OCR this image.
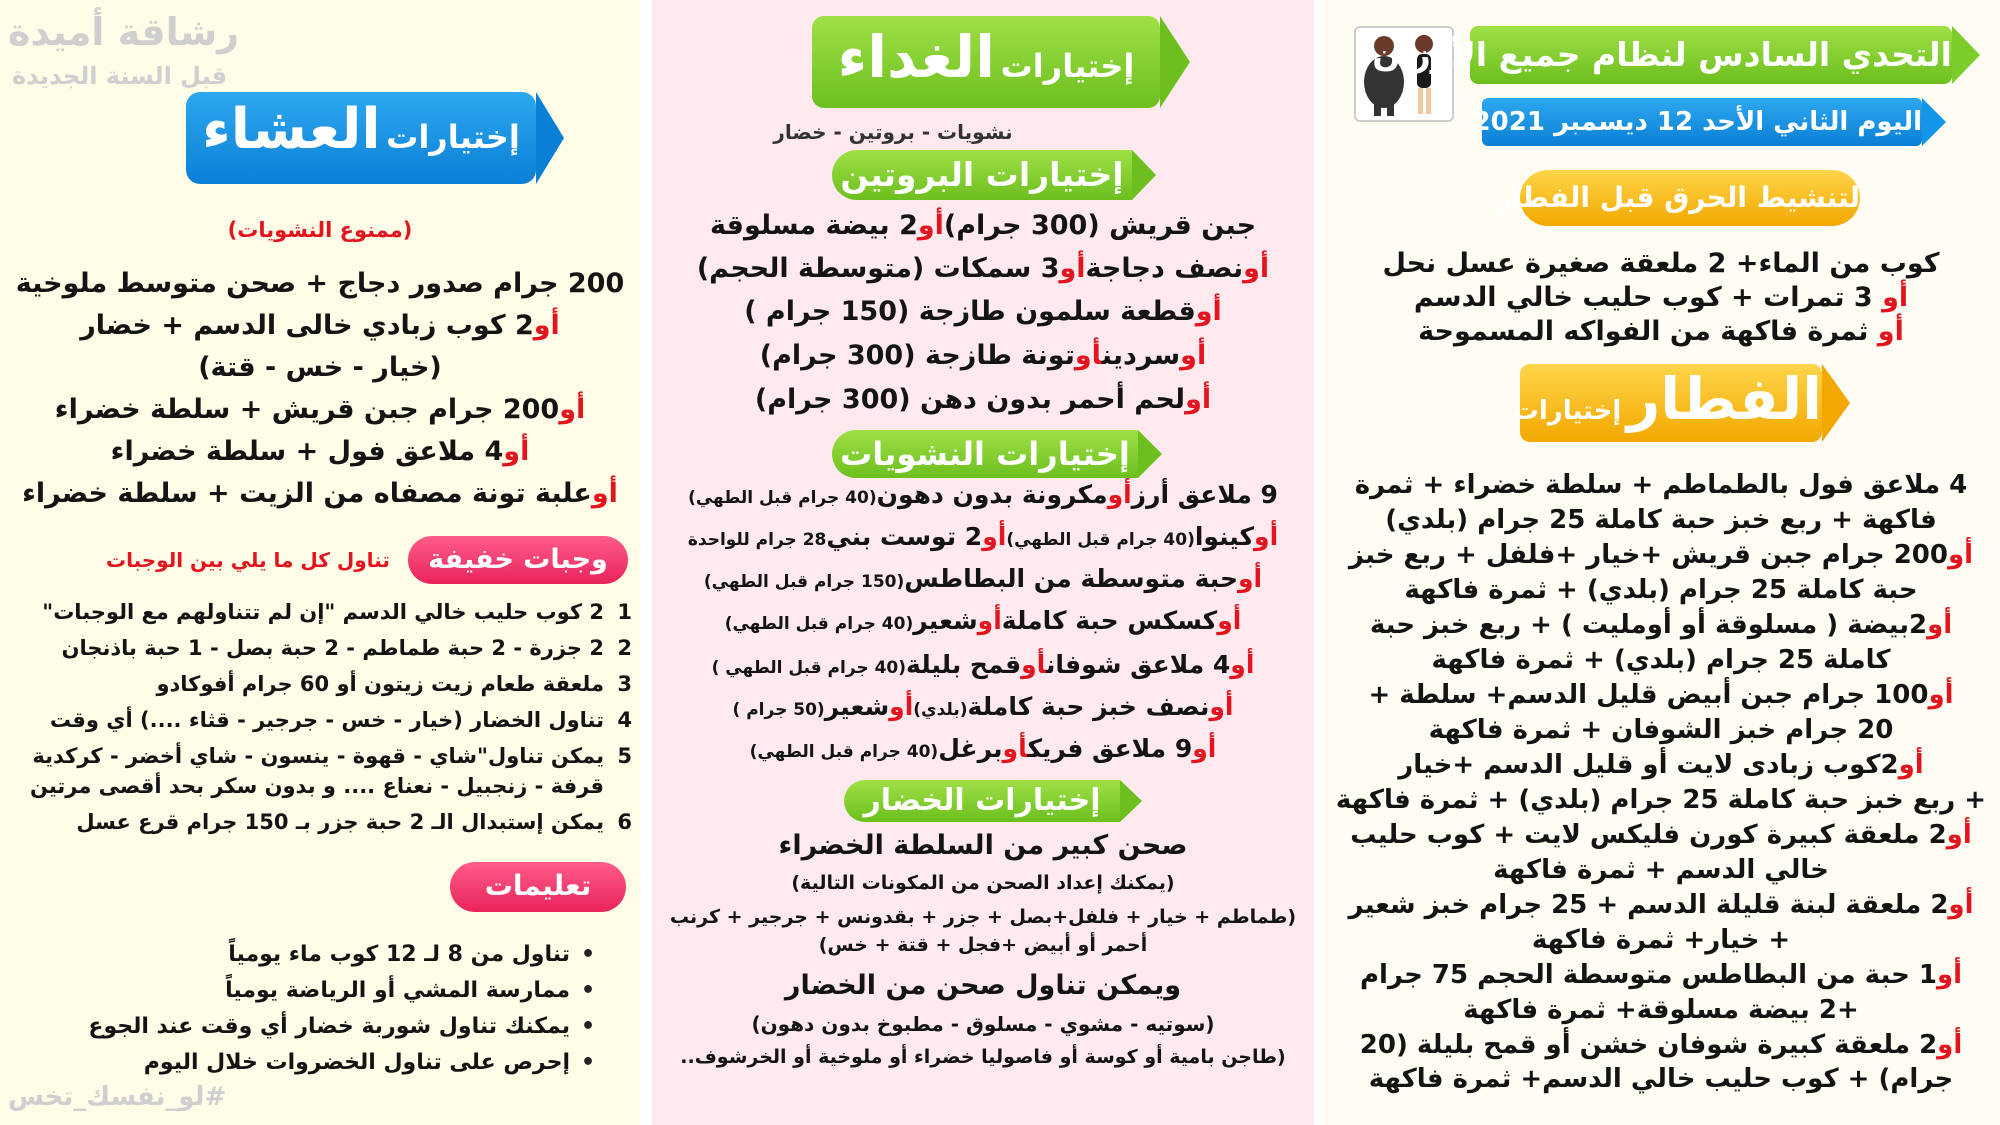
التحدي السادس لنظام جميع الأوزان
اليوم الثاني الأحد 12 ديسمبر 2021
لتنشيط الحرق قبل الفطار
كوب من الماء+ 2 ملعقة صغيرة عسل نحل
أو 3 تمرات + كوب حليب خالي الدسم
أو ثمرة فاكهة من الفواكه المسموحة
الفطار إختيارات
4 ملاعق فول بالطماطم + سلطة خضراء + ثمرة
فاكهة + ربع خبز حبة كاملة 25 جرام (بلدي)
أو200 جرام جبن قريش +خيار +فلفل + ربع خبز
حبة كاملة 25 جرام (بلدي) + ثمرة فاكهة
أو2بيضة ( مسلوقة أو أومليت ) + ربع خبز حبة
كاملة 25 جرام (بلدي) + ثمرة فاكهة
أو100 جرام جبن أبيض قليل الدسم+ سلطة +
20 جرام خبز الشوفان + ثمرة فاكهة
أو2كوب زبادى لايت أو قليل الدسم +خيار
+ ربع خبز حبة كاملة 25 جرام (بلدي) + ثمرة فاكهة
أو2 ملعقة كبيرة كورن فليكس لايت + كوب حليب
خالي الدسم + ثمرة فاكهة
أو2 ملعقة لبنة قليلة الدسم + 25 جرام خبز شعير
+ خيار+ ثمرة فاكهة
أو1 حبة من البطاطس متوسطة الحجم 75 جرام
+2 بيضة مسلوقة+ ثمرة فاكهة
أو2 ملعقة كبيرة شوفان خشن أو قمح بليلة (20
جرام) + كوب حليب خالي الدسم+ ثمرة فاكهة
إختيارات الغداء
نشويات - بروتين - خضار
إختيارات البروتين
جبن قريش (300 جرام)أو2 بيضة مسلوقة
أونصف دجاجةأو3 سمكات (متوسطة الحجم)
أوقطعة سلمون طازجة (150 جرام )
أوسردينأوتونة طازجة (300 جرام)
أولحم أحمر بدون دهن (300 جرام)
إختيارات النشويات
9 ملاعق أرزأومكرونة بدون دهون(40 جرام قبل الطهي)
أوكينوا(40 جرام قبل الطهي)أو2 توست بني28 جرام للواحدة
أوحبة متوسطة من البطاطس(150 جرام قبل الطهي)
أوكسكس حبة كاملةأوشعير(40 جرام قبل الطهي)
أو4 ملاعق شوفانأوقمح بليلة(40 جرام قبل الطهي )
أونصف خبز حبة كاملة(بلدي)أوشعير(50 جرام )
أو9 ملاعق فريكأوبرغل(40 جرام قبل الطهي)
إختيارات الخضار
صحن كبير من السلطة الخضراء
(يمكنك إعداد الصحن من المكونات التالية)
(طماطم + خيار + فلفل+بصل + جزر + بقدونس + جرجير + كرنب
أحمر أو أبيض +فجل + قتة + خس)
ويمكن تناول صحن من الخضار
(سوتيه - مشوي - مسلوق - مطبوخ بدون دهون)
(طاجن بامية أو كوسة أو فاصوليا خضراء أو ملوخية أو الخرشوف..
رشاقة أميدة
قبل السنة الجديدة
إختيارات العشاء
(ممنوع النشويات)
200 جرام صدور دجاج + صحن متوسط ملوخية
أو2 كوب زبادي خالى الدسم + خضار
(خيار - خس - قتة)
أو200 جرام جبن قريش + سلطة خضراء
أو4 ملاعق فول + سلطة خضراء
أوعلبة تونة مصفاه من الزيت + سلطة خضراء
وجبات خفيفة
تناول كل ما يلي بين الوجبات
1
2 كوب حليب خالي الدسم "إن لم تتناولهم مع الوجبات"
2
2 جزرة - 2 حبة طماطم - 2 حبة بصل - 1 حبة باذنجان
3
ملعقة طعام زيت زيتون أو 60 جرام أفوكادو
4
تناول الخضار (خيار - خس - جرجير - قثاء ....) أي وقت
5
يمكن تناول"شاي - قهوة - ينسون - شاي أخضر - كركدية
قرفة - زنجبيل - نعناع .... و بدون سكر بحد أقصى مرتين
6
يمكن إستبدال الـ 2 حبة جزر بـ 150 جرام قرع عسل
تعليمات
• تناول من 8 لـ 12 كوب ماء يومياً
• ممارسة المشي أو الرياضة يومياً
• يمكنك تناول شوربة خضار أي وقت عند الجوع
• إحرص على تناول الخضروات خلال اليوم
#لو_نفسك_تخس
